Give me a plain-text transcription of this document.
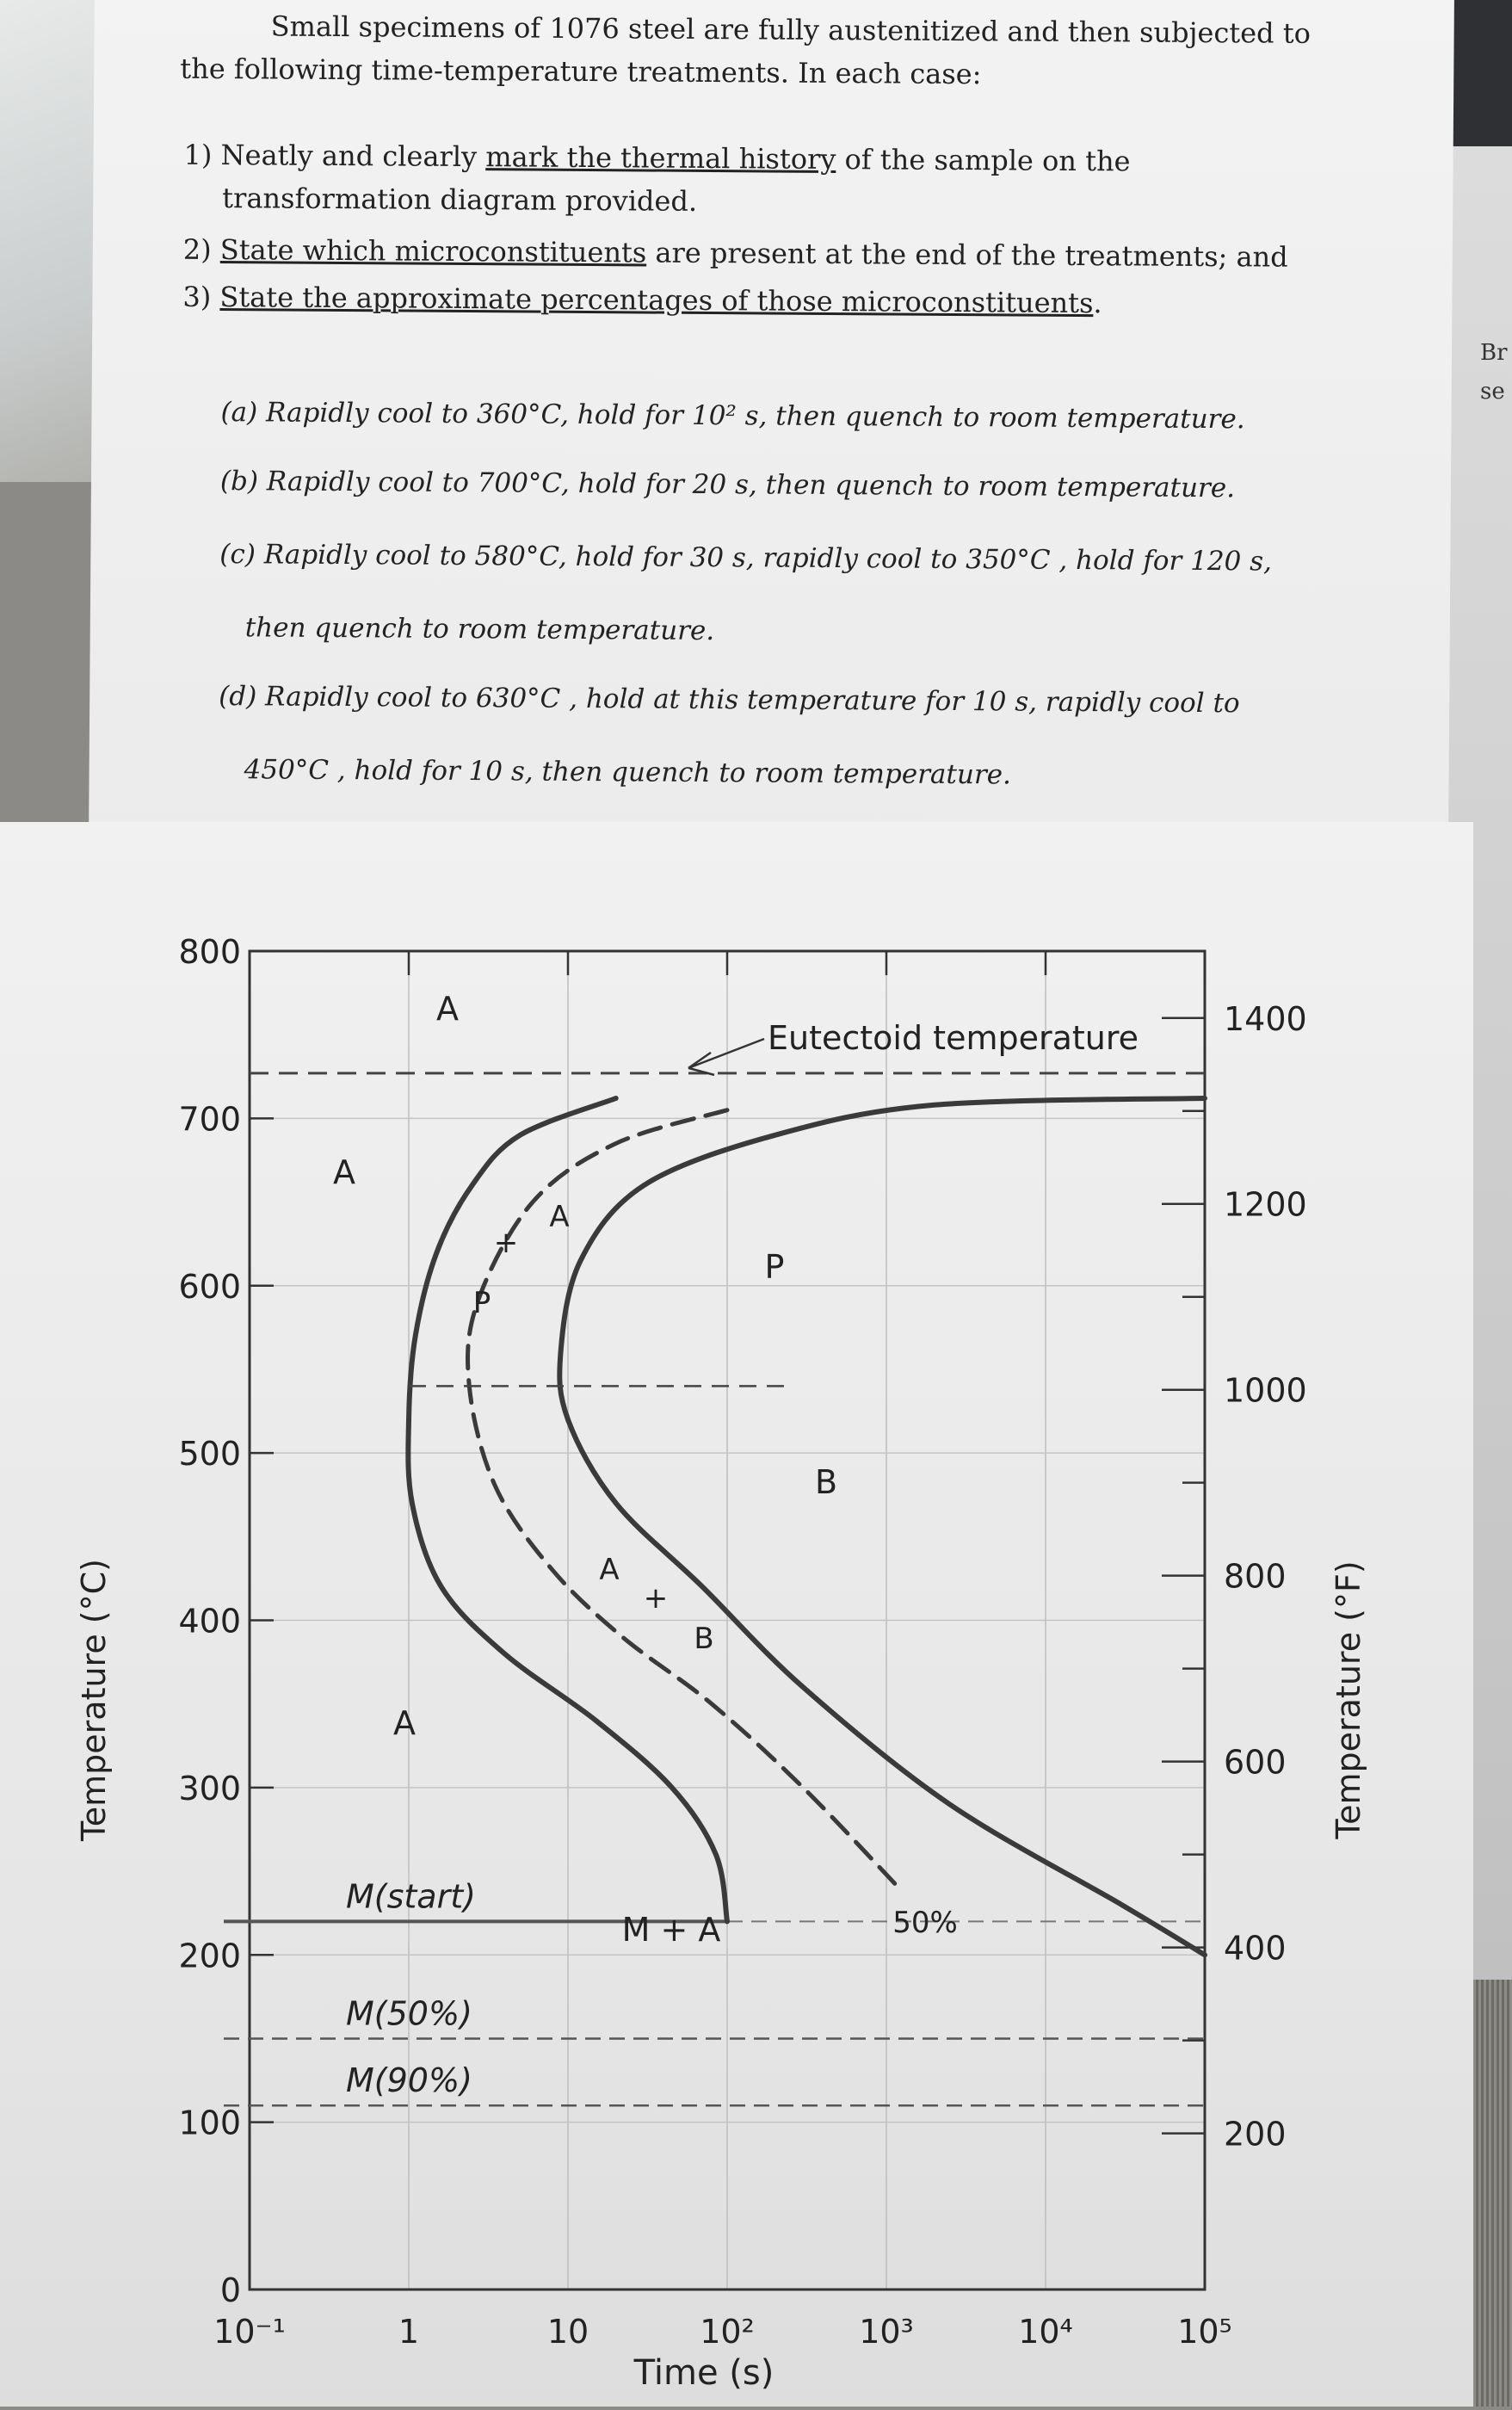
Small specimens of 1076 steel are fully austenitized and then subjected to
the following time-temperature treatments. In each case:
1) Neatly and clearly mark the thermal history of the sample on the
transformation diagram provided.
2) State which microconstituents are present at the end of the treatments; and
3) State the approximate percentages of those microconstituents.
(a) Rapidly cool to 360°C, hold for 10² s, then quench to room temperature.
(b) Rapidly cool to 700°C, hold for 20 s, then quench to room temperature.
(c) Rapidly cool to 580°C, hold for 30 s, rapidly cool to 350°C , hold for 120 s,
then quench to room temperature.
(d) Rapidly cool to 630°C , hold at this temperature for 10 s, rapidly cool to
450°C , hold for 10 s, then quench to room temperature.
Br
se
10⁻¹	1	10	10²	10³	10⁴	10⁵
0
100
200
300
400
500
600
700
800
200
400
600
800
1000
1200
1400
M(start)
M(50%)
M(90%)
A
A
A
P
B
M + A
A
P
A
B
+
+
50%
Eutectoid temperature
Time (s)
Temperature (°C)	Temperature (°F)
